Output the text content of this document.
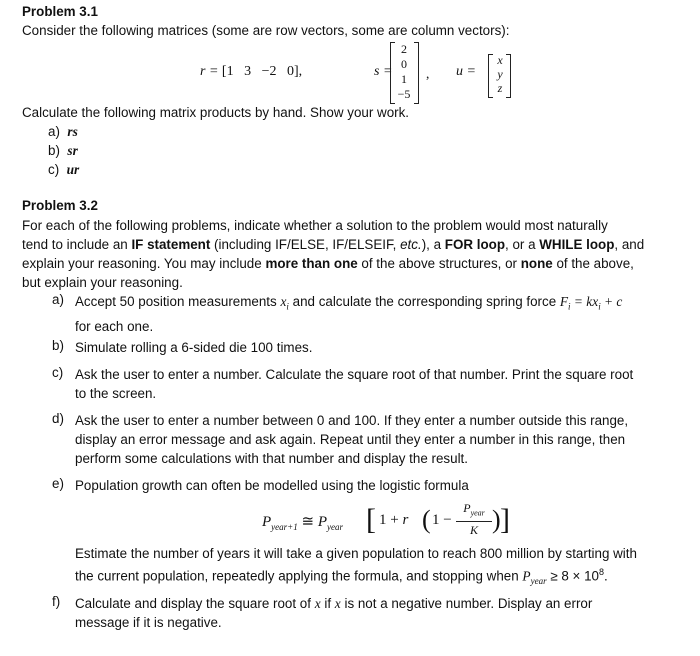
Problem 3.1
Consider the following matrices (some are row vectors, some are column vectors):
r = [1 3 −2 0],	s =
2
0
1
−5
, u =
x
y
z
Calculate the following matrix products by hand. Show your work.
a) rs
b) sr
c) ur
Problem 3.2
For each of the following problems, indicate whether a solution to the problem would most naturally
tend to include an IF statement (including IF/ELSE, IF/ELSEIF, etc.), a FOR loop, or a WHILE loop, and
explain your reasoning. You may include more than one of the above structures, or none of the above,
but explain your reasoning.
a) Accept 50 position measurements $x_i$ and calculate the corresponding spring force $F_i = kx_i + c$
for each one.
b) Simulate rolling a 6-sided die 100 times.
c) Ask the user to enter a number. Calculate the square root of that number. Print the square root
to the screen.
d) Ask the user to enter a number between 0 and 100. If they enter a number outside this range,
display an error message and ask again. Repeat until they enter a number in this range, then
perform some calculations with that number and display the result.
e) Population growth can often be modelled using the logistic formula
$P_{year+1}$ ≅ $P_{year}$ [ 1 + r ( 1 −
$P_{year}$
K ) ]
Estimate the number of years it will take a given population to reach 800 million by starting with
the current population, repeatedly applying the formula, and stopping when $P_{year} \ge 8 \times 10^8$.
f) Calculate and display the square root of x if x is not a negative number. Display an error
message if it is negative.
